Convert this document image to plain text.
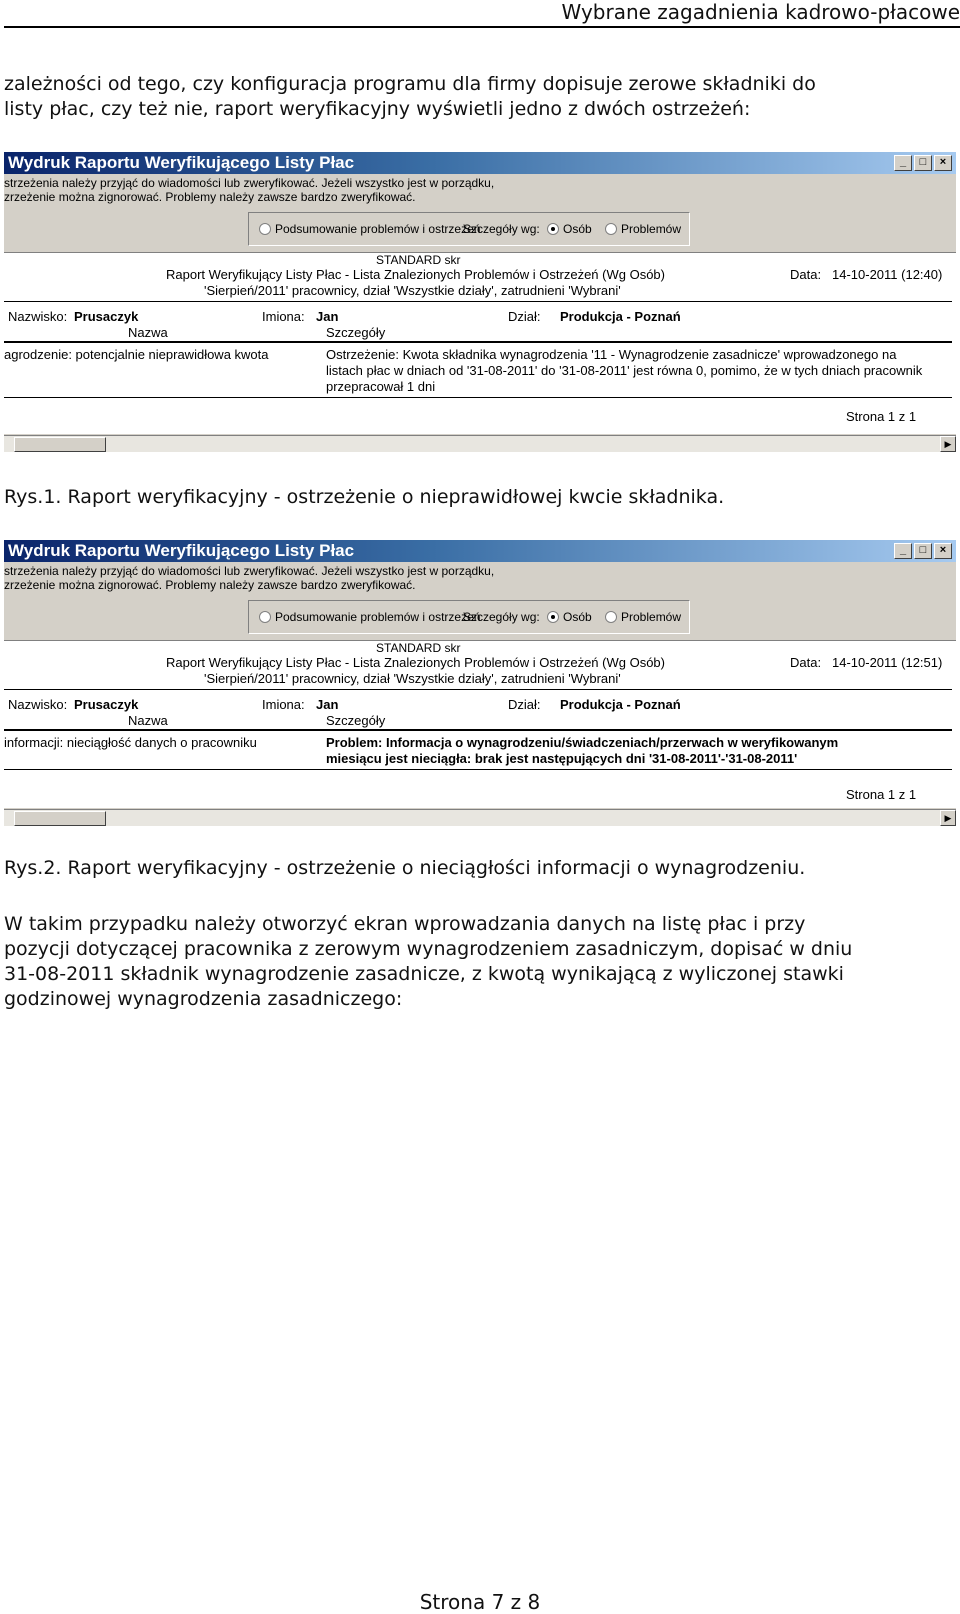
Wybrane zagadnienia kadrowo-płacowe
zależności od tego, czy konfiguracja programu dla firmy dopisuje zerowe składniki do
listy płac, czy też nie, raport weryfikacyjny wyświetli jedno z dwóch ostrzeżeń:
Wydruk Raportu Weryfikującego Listy Płac	_	□	×
strzeżenia należy przyjąć do wiadomości lub zweryfikować. Jeżeli wszystko jest w porządku,
zrzeżenie można zignorować. Problemy należy zawsze bardzo zweryfikować.
Podsumowanie problemów i ostrzeżeń
Szczegóły wg:	Osób	Problemów
STANDARD skr
Raport Weryfikujący Listy Płac - Lista Znalezionych Problemów i Ostrzeżeń (Wg Osób)
'Sierpień/2011' pracownicy, dział 'Wszystkie działy', zatrudnieni 'Wybrani'
Data: 14-10-2011 (12:40)
Nazwisko: Prusaczyk	Imiona: Jan	Dział: Produkcja - Poznań
Nazwa	Szczegóły
agrodzenie: potencjalnie nieprawidłowa kwota	Ostrzeżenie: Kwota składnika wynagrodzenia '11 - Wynagrodzenie zasadnicze' wprowadzonego na
listach płac w dniach od '31-08-2011' do '31-08-2011' jest równa 0, pomimo, że w tych dniach pracownik
przepracował 1 dni
Strona 1 z 1
▶
Rys.1. Raport weryfikacyjny - ostrzeżenie o nieprawidłowej kwcie składnika.
Wydruk Raportu Weryfikującego Listy Płac	_	□	×
strzeżenia należy przyjąć do wiadomości lub zweryfikować. Jeżeli wszystko jest w porządku,
zrzeżenie można zignorować. Problemy należy zawsze bardzo zweryfikować.
Podsumowanie problemów i ostrzeżeń
Szczegóły wg:	Osób	Problemów
STANDARD skr
Raport Weryfikujący Listy Płac - Lista Znalezionych Problemów i Ostrzeżeń (Wg Osób)
'Sierpień/2011' pracownicy, dział 'Wszystkie działy', zatrudnieni 'Wybrani'
Data: 14-10-2011 (12:51)
Nazwisko: Prusaczyk	Imiona: Jan	Dział: Produkcja - Poznań
Nazwa	Szczegóły
informacji: nieciągłość danych o pracowniku	Problem: Informacja o wynagrodzeniu/świadczeniach/przerwach w weryfikowanym
miesiącu jest nieciągła: brak jest następujących dni '31-08-2011'-'31-08-2011'
Strona 1 z 1
▶
Rys.2. Raport weryfikacyjny - ostrzeżenie o nieciągłości informacji o wynagrodzeniu.
W takim przypadku należy otworzyć ekran wprowadzania danych na listę płac i przy
pozycji dotyczącej pracownika z zerowym wynagrodzeniem zasadniczym, dopisać w dniu
31-08-2011 składnik wynagrodzenie zasadnicze, z kwotą wynikającą z wyliczonej stawki
godzinowej wynagrodzenia zasadniczego:
Strona 7 z 8
